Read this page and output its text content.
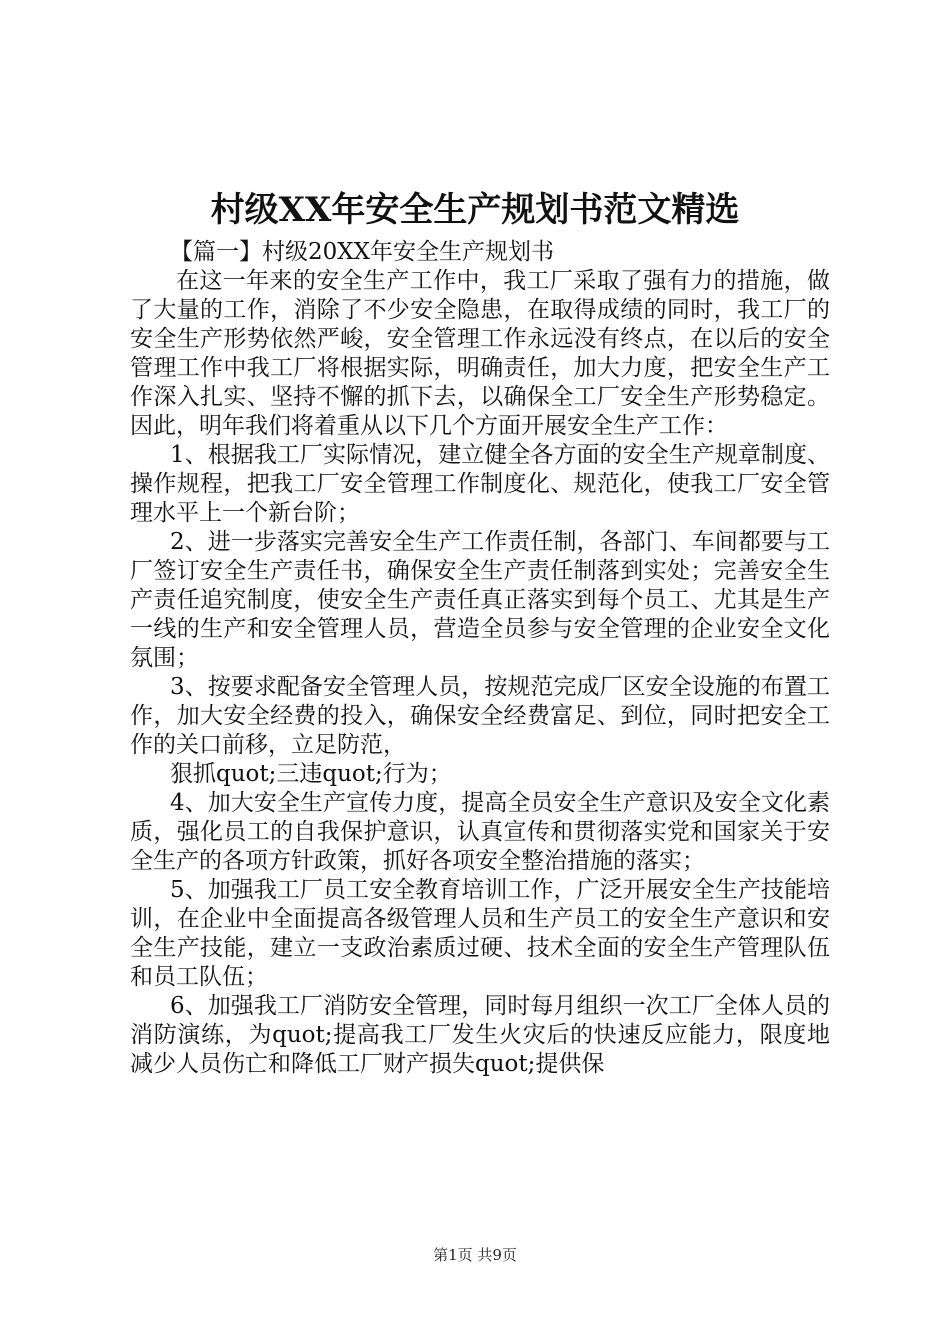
村级XX年安全生产规划书范文精选

【篇一】村级20XX年安全生产规划书

在这一年来的安全生产工作中，我工厂采取了强有力的措施，做了大量的工作，消除了不少安全隐患，在取得成绩的同时，我工厂的安全生产形势依然严峻，安全管理工作永远没有终点，在以后的安全管理工作中我工厂将根据实际，明确责任，加大力度，把安全生产工作深入扎实、坚持不懈的抓下去，以确保全工厂安全生产形势稳定。因此，明年我们将着重从以下几个方面开展安全生产工作：

1、根据我工厂实际情况，建立健全各方面的安全生产规章制度、操作规程，把我工厂安全管理工作制度化、规范化，使我工厂安全管理水平上一个新台阶；

2、进一步落实完善安全生产工作责任制，各部门、车间都要与工厂签订安全生产责任书，确保安全生产责任制落到实处；完善安全生产责任追究制度，使安全生产责任真正落实到每个员工、尤其是生产一线的生产和安全管理人员，营造全员参与安全管理的企业安全文化氛围；

3、按要求配备安全管理人员，按规范完成厂区安全设施的布置工作，加大安全经费的投入，确保安全经费富足、到位，同时把安全工作的关口前移，立足防范，

狠抓quot;三违quot;行为；

4、加大安全生产宣传力度，提高全员安全生产意识及安全文化素质，强化员工的自我保护意识，认真宣传和贯彻落实党和国家关于安全生产的各项方针政策，抓好各项安全整治措施的落实；

5、加强我工厂员工安全教育培训工作，广泛开展安全生产技能培训，在企业中全面提高各级管理人员和生产员工的安全生产意识和安全生产技能，建立一支政治素质过硬、技术全面的安全生产管理队伍和员工队伍；

6、加强我工厂消防安全管理，同时每月组织一次工厂全体人员的消防演练，为quot;提高我工厂发生火灾后的快速反应能力，限度地减少人员伤亡和降低工厂财产损失quot;提供保

第1页 共9页
